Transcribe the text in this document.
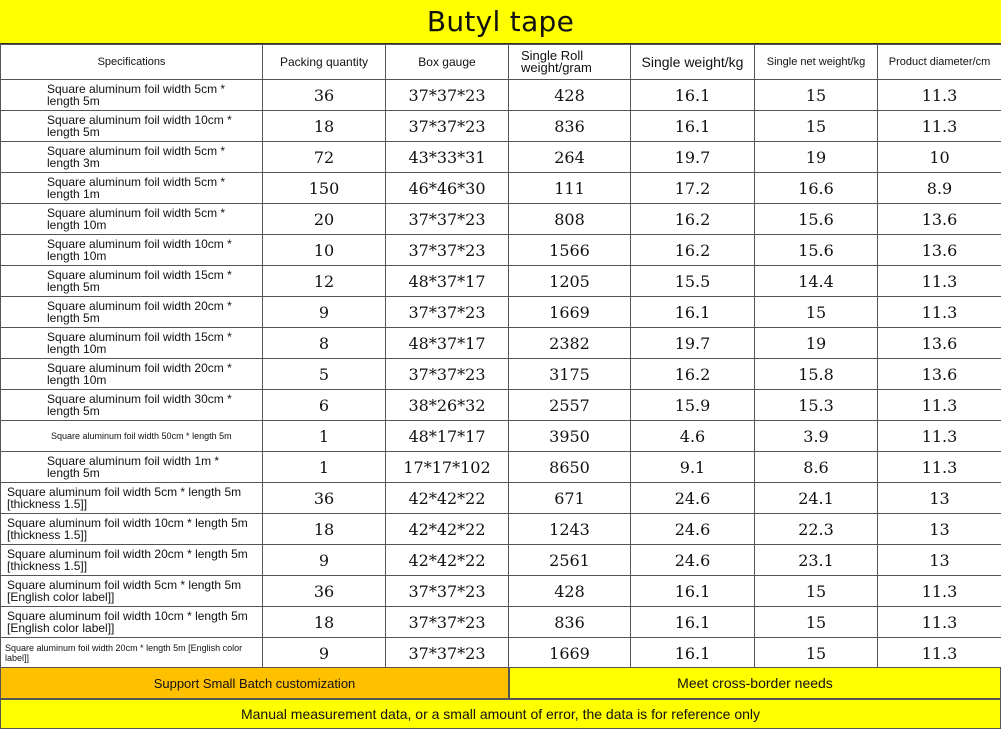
Butyl tape
Specifications	Packing quantity	Box gauge	Single Roll weight/gram	Single weight/kg	Single net weight/kg	Product diameter/cm
Square aluminum foil width 5cm * length 5m	36	37*37*23	428	16.1	15	11.3
Square aluminum foil width 10cm * length 5m	18	37*37*23	836	16.1	15	11.3
Square aluminum foil width 5cm * length 3m	72	43*33*31	264	19.7	19	10
Square aluminum foil width 5cm * length 1m	150	46*46*30	111	17.2	16.6	8.9
Square aluminum foil width 5cm * length 10m	20	37*37*23	808	16.2	15.6	13.6
Square aluminum foil width 10cm * length 10m	10	37*37*23	1566	16.2	15.6	13.6
Square aluminum foil width 15cm * length 5m	12	48*37*17	1205	15.5	14.4	11.3
Square aluminum foil width 20cm * length 5m	9	37*37*23	1669	16.1	15	11.3
Square aluminum foil width 15cm * length 10m	8	48*37*17	2382	19.7	19	13.6
Square aluminum foil width 20cm * length 10m	5	37*37*23	3175	16.2	15.8	13.6
Square aluminum foil width 30cm * length 5m	6	38*26*32	2557	15.9	15.3	11.3
Square aluminum foil width 50cm * length 5m	1	48*17*17	3950	4.6	3.9	11.3
Square aluminum foil width 1m * length 5m	1	17*17*102	8650	9.1	8.6	11.3
Square aluminum foil width 5cm * length 5m [thickness 1.5]]	36	42*42*22	671	24.6	24.1	13
Square aluminum foil width 10cm * length 5m [thickness 1.5]]	18	42*42*22	1243	24.6	22.3	13
Square aluminum foil width 20cm * length 5m [thickness 1.5]]	9	42*42*22	2561	24.6	23.1	13
Square aluminum foil width 5cm * length 5m [English color label]]	36	37*37*23	428	16.1	15	11.3
Square aluminum foil width 10cm * length 5m [English color label]]	18	37*37*23	836	16.1	15	11.3
Square aluminum foil width 20cm * length 5m [English color label]]	9	37*37*23	1669	16.1	15	11.3
Support Small Batch customization	Meet cross-border needs
Manual measurement data, or a small amount of error, the data is for reference only
